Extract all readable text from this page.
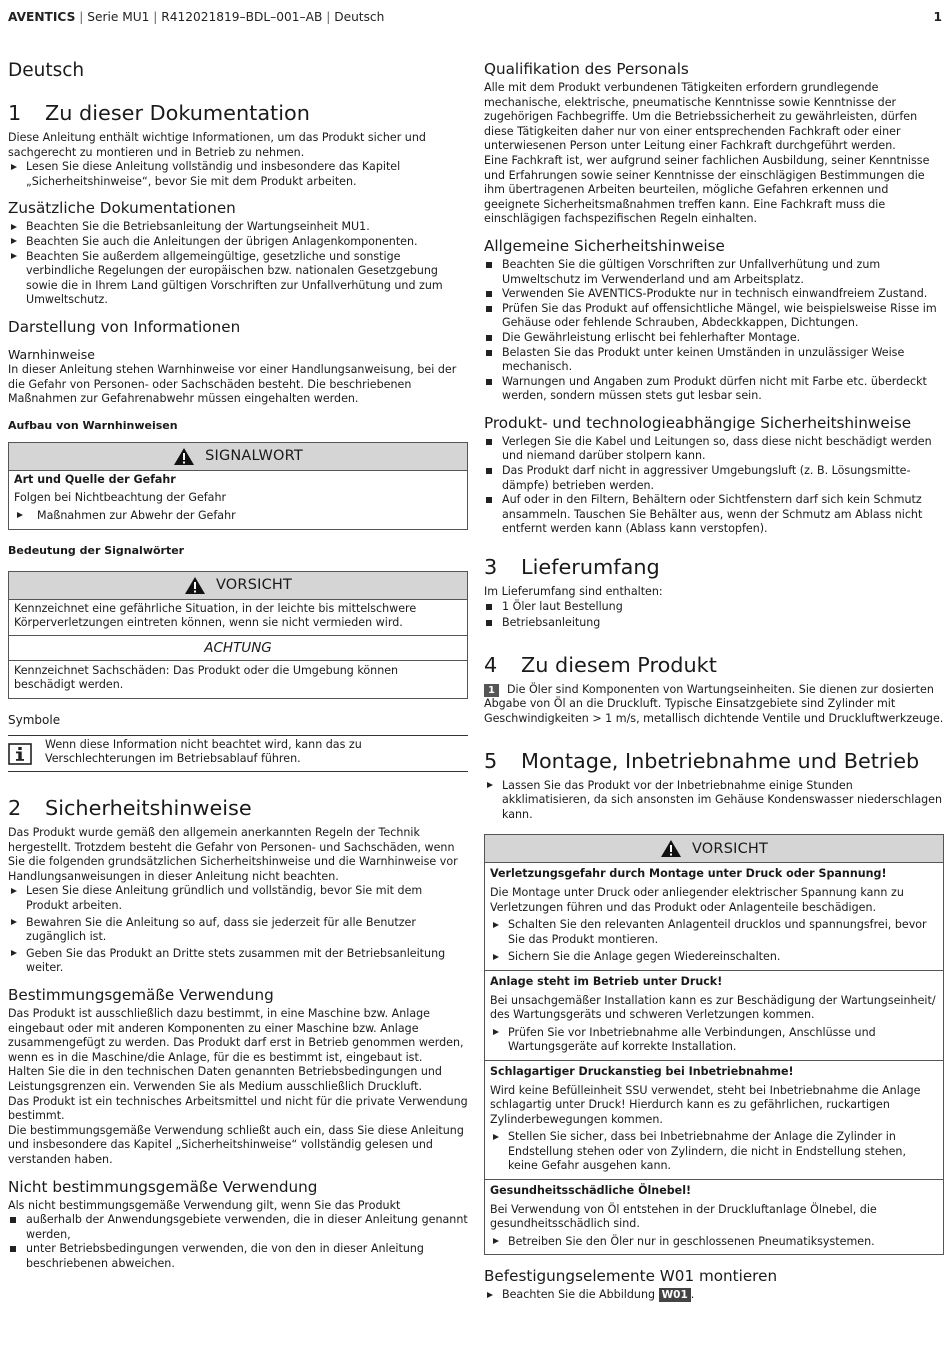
AVENTICS | Serie MU1 | R412021819–BDL–001–AB | Deutsch	1
Deutsch
1	Zu dieser Dokumentation

Diese Anleitung enthält wichtige Informationen, um das Produkt sicher und sachgerecht zu montieren und in Betrieb zu nehmen.

Lesen Sie diese Anleitung vollständig und insbesondere das Kapitel „Sicherheitshinweise“, bevor Sie mit dem Produkt arbeiten.
Zusätzliche Dokumentationen
Beachten Sie die Betriebsanleitung der Wartungseinheit MU1.
Beachten Sie auch die Anleitungen der übrigen Anlagenkomponenten.
Beachten Sie außerdem allgemeingültige, gesetzliche und sonstige verbindliche Regelungen der europäischen bzw. nationalen Gesetzgebung sowie die in Ihrem Land gültigen Vorschriften zur Unfallverhütung und zum Umweltschutz.
Darstellung von Informationen
Warnhinweise

In dieser Anleitung stehen Warnhinweise vor einer Handlungsanweisung, bei der die Gefahr von Personen- oder Sachschäden besteht. Die beschriebenen Maßnahmen zur Gefahrenabwehr müssen eingehalten werden.

Aufbau von Warnhinweisen
SIGNALWORT

Art und Quelle der Gefahr

Folgen bei Nichtbeachtung der Gefahr

Maßnahmen zur Abwehr der Gefahr
Bedeutung der Signalwörter
VORSICHT

Kennzeichnet eine gefährliche Situation, in der leichte bis mittelschwere Körperverletzungen eintreten können, wenn sie nicht vermieden wird.

ACHTUNG

Kennzeichnet Sachschäden: Das Produkt oder die Umgebung können beschädigt werden.

Symbole

Wenn diese Information nicht beachtet wird, kann das zu Verschlechterungen im Betriebsablauf führen.

2	Sicherheitshinweise

Das Produkt wurde gemäß den allgemein anerkannten Regeln der Technik hergestellt. Trotzdem besteht die Gefahr von Personen- und Sachschäden, wenn Sie die folgenden grundsätzlichen Sicherheitshinweise und die Warnhinweise vor Handlungsanweisungen in dieser Anleitung nicht beachten.

Lesen Sie diese Anleitung gründlich und vollständig, bevor Sie mit dem Produkt arbeiten.
Bewahren Sie die Anleitung so auf, dass sie jederzeit für alle Benutzer zugänglich ist.
Geben Sie das Produkt an Dritte stets zusammen mit der Betriebsanleitung weiter.
Bestimmungsgemäße Verwendung

Das Produkt ist ausschließlich dazu bestimmt, in eine Maschine bzw. Anlage eingebaut oder mit anderen Komponenten zu einer Maschine bzw. Anlage zusammengefügt zu werden. Das Produkt darf erst in Betrieb genommen werden, wenn es in die Maschine/die Anlage, für die es bestimmt ist, eingebaut ist.

Halten Sie die in den technischen Daten genannten Betriebsbedingungen und Leistungsgrenzen ein. Verwenden Sie als Medium ausschließlich Druckluft.

Das Produkt ist ein technisches Arbeitsmittel und nicht für die private Verwendung bestimmt.

Die bestimmungsgemäße Verwendung schließt auch ein, dass Sie diese Anleitung und insbesondere das Kapitel „Sicherheitshinweise“ vollständig gelesen und verstanden haben.

Nicht bestimmungsgemäße Verwendung

Als nicht bestimmungsgemäße Verwendung gilt, wenn Sie das Produkt

außerhalb der Anwendungsgebiete verwenden, die in dieser Anleitung genannt werden,
unter Betriebsbedingungen verwenden, die von den in dieser Anleitung beschriebenen abweichen.
Qualifikation des Personals

Alle mit dem Produkt verbundenen Tätigkeiten erfordern grundlegende mechanische, elektrische, pneumatische Kenntnisse sowie Kenntnisse der zugehörigen Fachbegriffe. Um die Betriebssicherheit zu gewährleisten, dürfen diese Tätigkeiten daher nur von einer entsprechenden Fachkraft oder einer unterwiesenen Person unter Leitung einer Fachkraft durchgeführt werden.

Eine Fachkraft ist, wer aufgrund seiner fachlichen Ausbildung, seiner Kenntnisse und Erfahrungen sowie seiner Kenntnisse der einschlägigen Bestimmungen die ihm übertragenen Arbeiten beurteilen, mögliche Gefahren erkennen und geeignete Sicherheitsmaßnahmen treffen kann. Eine Fachkraft muss die einschlägigen fachspezifischen Regeln einhalten.

Allgemeine Sicherheitshinweise
Beachten Sie die gültigen Vorschriften zur Unfallverhütung und zum Umweltschutz im Verwenderland und am Arbeitsplatz.
Verwenden Sie AVENTICS-Produkte nur in technisch einwandfreiem Zustand.
Prüfen Sie das Produkt auf offensichtliche Mängel, wie beispielsweise Risse im Gehäuse oder fehlende Schrauben, Abdeckkappen, Dichtungen.
Die Gewährleistung erlischt bei fehlerhafter Montage.
Belasten Sie das Produkt unter keinen Umständen in unzulässiger Weise mechanisch.
Warnungen und Angaben zum Produkt dürfen nicht mit Farbe etc. überdeckt werden, sondern müssen stets gut lesbar sein.
Produkt- und technologieabhängige Sicherheitshinweise
Verlegen Sie die Kabel und Leitungen so, dass diese nicht beschädigt werden und niemand darüber stolpern kann.
Das Produkt darf nicht in aggressiver Umgebungsluft (z. B. Lösungsmittedämpfe) betrieben werden.
Auf oder in den Filtern, Behältern oder Sichtfenstern darf sich kein Schmutz ansammeln. Tauschen Sie Behälter aus, wenn der Schmutz am Ablass nicht entfernt werden kann (Ablass kann verstopfen).
3	Lieferumfang

Im Lieferumfang sind enthalten:

1 Öler laut Bestellung
Betriebsanleitung
4	Zu diesem Produkt

1 Die Öler sind Komponenten von Wartungseinheiten. Sie dienen zur dosierten Abgabe von Öl an die Druckluft. Typische Einsatzgebiete sind Zylinder mit Geschwindigkeiten > 1 m/s, metallisch dichtende Ventile und Druckluftwerkzeuge.

5	Montage, Inbetriebnahme und Betrieb
Lassen Sie das Produkt vor der Inbetriebnahme einige Stunden akklimatisieren, da sich ansonsten im Gehäuse Kondenswasser niederschlagen kann.
VORSICHT

Verletzungsgefahr durch Montage unter Druck oder Spannung!

Die Montage unter Druck oder anliegender elektrischer Spannung kann zu Verletzungen führen und das Produkt oder Anlagenteile beschädigen.

Schalten Sie den relevanten Anlagenteil drucklos und spannungsfrei, bevor Sie das Produkt montieren.
Sichern Sie die Anlage gegen Wiedereinschalten.

Anlage steht im Betrieb unter Druck!

Bei unsachgemäßer Installation kann es zur Beschädigung der Wartungseinheit/ des Wartungsgeräts und schweren Verletzungen kommen.

Prüfen Sie vor Inbetriebnahme alle Verbindungen, Anschlüsse und Wartungsgeräte auf korrekte Installation.

Schlagartiger Druckanstieg bei Inbetriebnahme!

Wird keine Befülleinheit SSU verwendet, steht bei Inbetriebnahme die Anlage schlagartig unter Druck! Hierdurch kann es zu gefährlichen, ruckartigen Zylinderbewegungen kommen.

Stellen Sie sicher, dass bei Inbetriebnahme der Anlage die Zylinder in Endstellung stehen oder von Zylindern, die nicht in Endstellung stehen, keine Gefahr ausgehen kann.

Gesundheitsschädliche Ölnebel!

Bei Verwendung von Öl entstehen in der Druckluftanlage Ölnebel, die gesundheitsschädlich sind.

Betreiben Sie den Öler nur in geschlossenen Pneumatiksystemen.
Befestigungselemente W01 montieren
Beachten Sie die Abbildung W01 .
